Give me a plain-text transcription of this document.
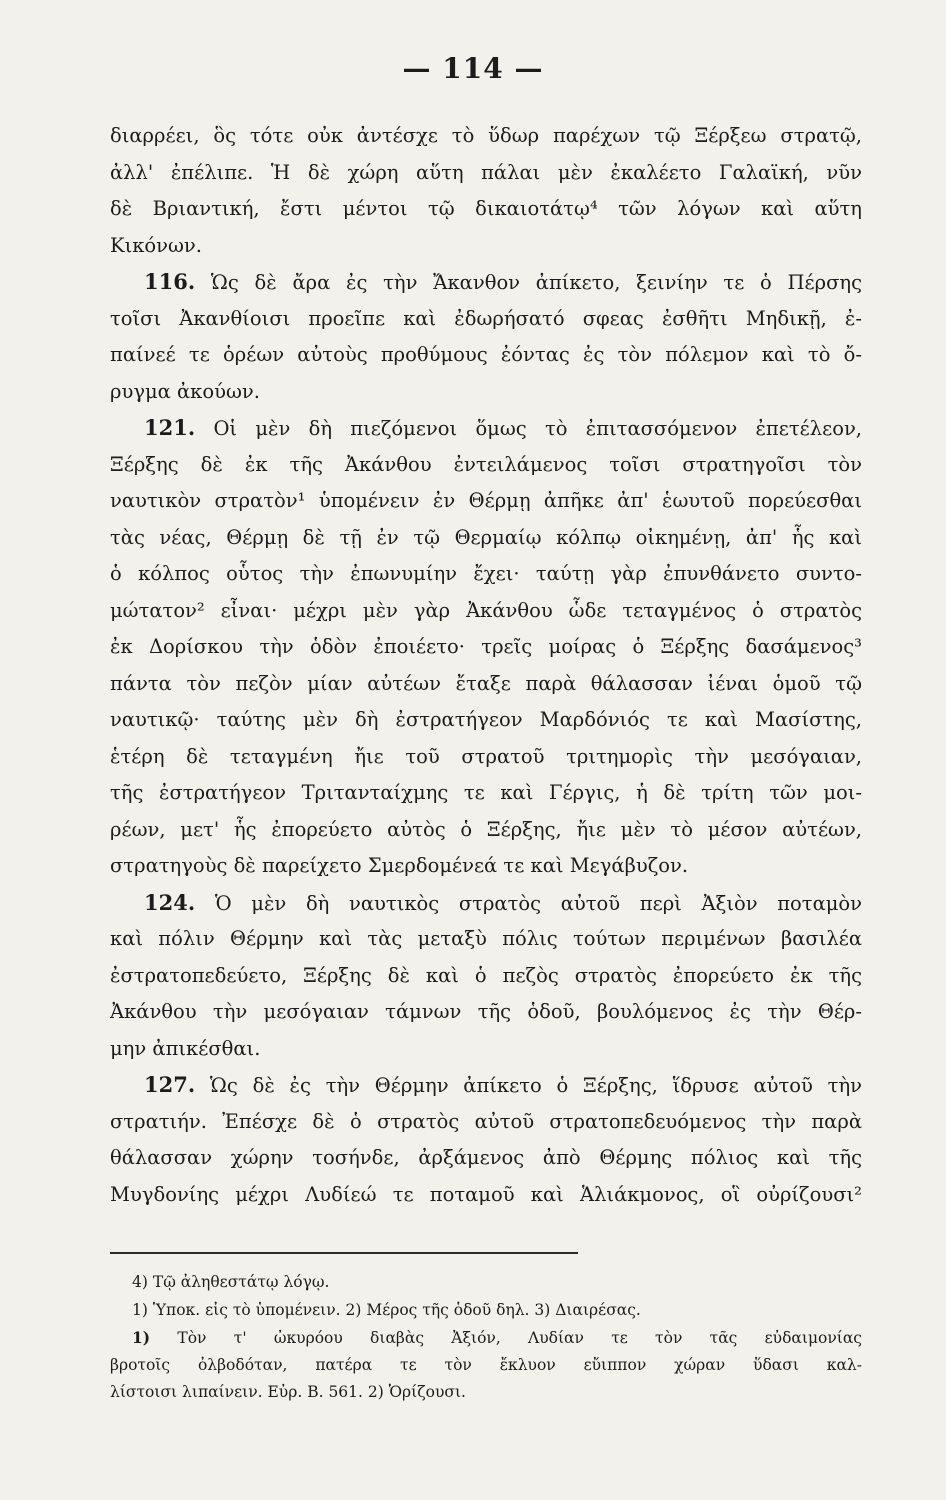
— 114 —
διαρρέει, ὃς τότε οὐκ ἀντέσχε τὸ ὕδωρ παρέχων τῷ Ξέρξεω στρατῷ,
ἀλλ' ἐπέλιπε. Ἡ δὲ χώρη αὕτη πάλαι μὲν ἐκαλέετο Γαλαϊκή, νῦν
δὲ Βριαντική, ἔστι μέντοι τῷ δικαιοτάτῳ⁴ τῶν λόγων καὶ αὕτη
Κικόνων.
116. Ὡς δὲ ἄρα ἐς τὴν Ἄκανθον ἀπίκετο, ξεινίην τε ὁ Πέρσης
τοῖσι Ἀκανθίοισι προεῖπε καὶ ἐδωρήσατό σφεας ἐσθῆτι Μηδικῇ, ἐ-
παίνεέ τε ὁρέων αὐτοὺς προθύμους ἐόντας ἐς τὸν πόλεμον καὶ τὸ ὄ-
ρυγμα ἀκούων.
121. Οἱ μὲν δὴ πιεζόμενοι ὅμως τὸ ἐπιτασσόμενον ἐπετέλεον,
Ξέρξης δὲ ἐκ τῆς Ἀκάνθου ἐντειλάμενος τοῖσι στρατηγοῖσι τὸν
ναυτικὸν στρατὸν¹ ὑπομένειν ἐν Θέρμῃ ἀπῆκε ἀπ' ἑωυτοῦ πορεύεσθαι
τὰς νέας, Θέρμῃ δὲ τῇ ἐν τῷ Θερμαίῳ κόλπῳ οἰκημένῃ, ἀπ' ἧς καὶ
ὁ κόλπος οὗτος τὴν ἐπωνυμίην ἔχει· ταύτῃ γὰρ ἐπυνθάνετο συντο-
μώτατον² εἶναι· μέχρι μὲν γὰρ Ἀκάνθου ὧδε τεταγμένος ὁ στρατὸς
ἐκ Δορίσκου τὴν ὁδὸν ἐποιέετο· τρεῖς μοίρας ὁ Ξέρξης δασάμενος³
πάντα τὸν πεζὸν μίαν αὐτέων ἔταξε παρὰ θάλασσαν ἰέναι ὁμοῦ τῷ
ναυτικῷ· ταύτης μὲν δὴ ἐστρατήγεον Μαρδόνιός τε καὶ Μασίστης,
ἑτέρη δὲ τεταγμένη ἤιε τοῦ στρατοῦ τριτημορὶς τὴν μεσόγαιαν,
τῆς ἐστρατήγεον Τριτανταίχμης τε καὶ Γέργις, ἡ δὲ τρίτη τῶν μοι-
ρέων, μετ' ἧς ἐπορεύετο αὐτὸς ὁ Ξέρξης, ἤιε μὲν τὸ μέσον αὐτέων,
στρατηγοὺς δὲ παρείχετο Σμερδομένεά τε καὶ Μεγάβυζον.
124. Ὁ μὲν δὴ ναυτικὸς στρατὸς αὐτοῦ περὶ Ἀξιὸν ποταμὸν
καὶ πόλιν Θέρμην καὶ τὰς μεταξὺ πόλις τούτων περιμένων βασιλέα
ἐστρατοπεδεύετο, Ξέρξης δὲ καὶ ὁ πεζὸς στρατὸς ἐπορεύετο ἐκ τῆς
Ἀκάνθου τὴν μεσόγαιαν τάμνων τῆς ὁδοῦ, βουλόμενος ἐς τὴν Θέρ-
μην ἀπικέσθαι.
127. Ὡς δὲ ἐς τὴν Θέρμην ἀπίκετο ὁ Ξέρξης, ἵδρυσε αὐτοῦ τὴν
στρατιήν. Ἐπέσχε δὲ ὁ στρατὸς αὐτοῦ στρατοπεδευόμενος τὴν παρὰ
θάλασσαν χώρην τοσήνδε, ἀρξάμενος ἀπὸ Θέρμης πόλιος καὶ τῆς
Μυγδονίης μέχρι Λυδίεώ τε ποταμοῦ καὶ Ἁλιάκμονος, οἳ οὐρίζουσι²
4) Τῷ ἀληθεστάτῳ λόγῳ.
1) Ὑποκ. εἰς τὸ ὑπομένειν. 2) Μέρος τῆς ὁδοῦ δηλ. 3) Διαιρέσας.
1) Τὸν τ' ὠκυρόου διαβὰς Ἀξιόν, Λυδίαν τε τὸν τᾶς εὐδαιμονίας
βροτοῖς ὀλβοδόταν, πατέρα τε τὸν ἔκλυον εὔιππον χώραν ὕδασι καλ-
λίστοισι λιπαίνειν. Εὐρ. Β. 561. 2) Ὁρίζουσι.
